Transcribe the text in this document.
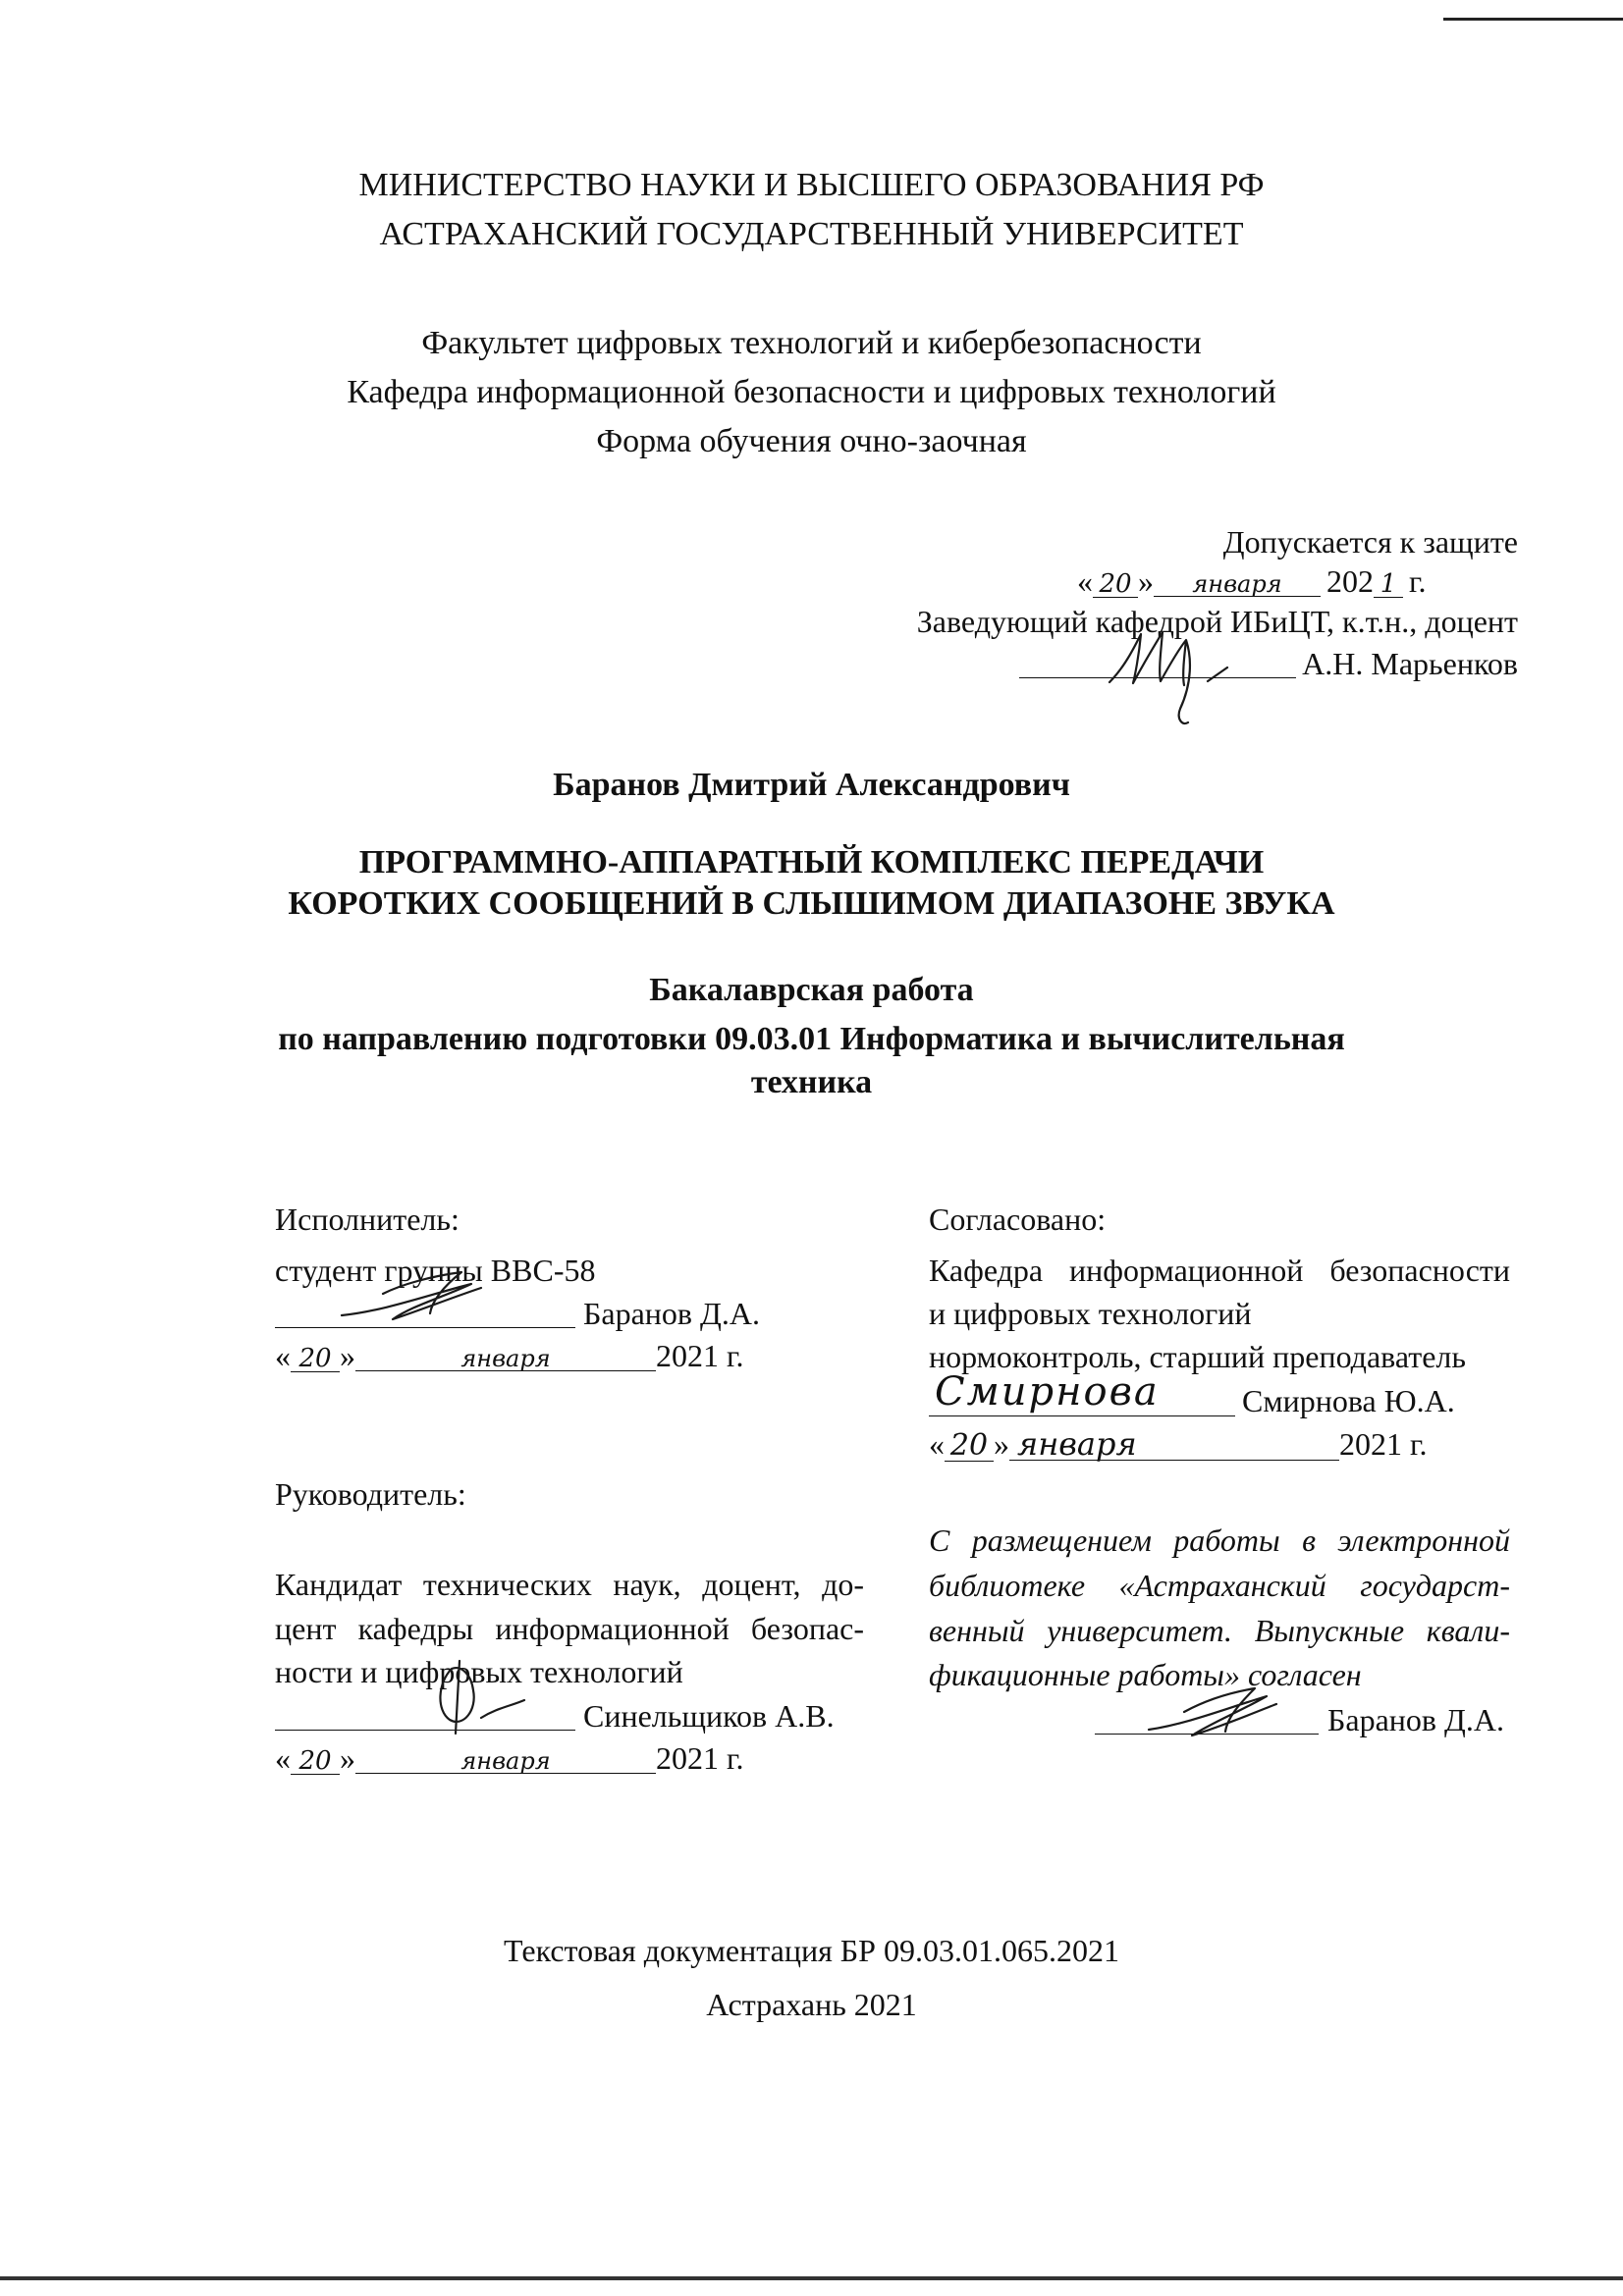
МИНИСТЕРСТВО НАУКИ И ВЫСШЕГО ОБРАЗОВАНИЯ РФ
АСТРАХАНСКИЙ ГОСУДАРСТВЕННЫЙ УНИВЕРСИТЕТ
Факультет цифровых технологий и кибербезопасности
Кафедра информационной безопасности и цифровых технологий
Форма обучения очно-заочная
Допускается к защите
« 20 » января 202 1 г.
Заведующий кафедрой ИБиЦТ, к.т.н., доцент
А.Н. Марьенков
Баранов Дмитрий Александрович
ПРОГРАММНО-АППАРАТНЫЙ КОМПЛЕКС ПЕРЕДАЧИ
КОРОТКИХ СООБЩЕНИЙ В СЛЫШИМОМ ДИАПАЗОНЕ ЗВУКА
Бакалаврская работа
по направлению подготовки 09.03.01 Информатика и вычислительная
техника
Исполнитель:
студент группы ВВС-58
Баранов Д.А.
« 20 »	января	2021 г.
Руководитель:
Кандидат технических наук, доцент, до-
цент кафедры информационной безопас-
ности и цифровых технологий
Синельщиков А.В.
« 20 »	января	2021 г.
Согласовано:
Кафедра информационной безопасности
и цифровых технологий
нормоконтроль, старший преподаватель
Смирнова	Смирнова Ю.А.
« 20 » января	2021 г.
С размещением работы в электронной
библиотеке «Астраханский государст-
венный университет. Выпускные квали-
фикационные работы» согласен
Баранов Д.А.
Текстовая документация БР 09.03.01.065.2021
Астрахань 2021
